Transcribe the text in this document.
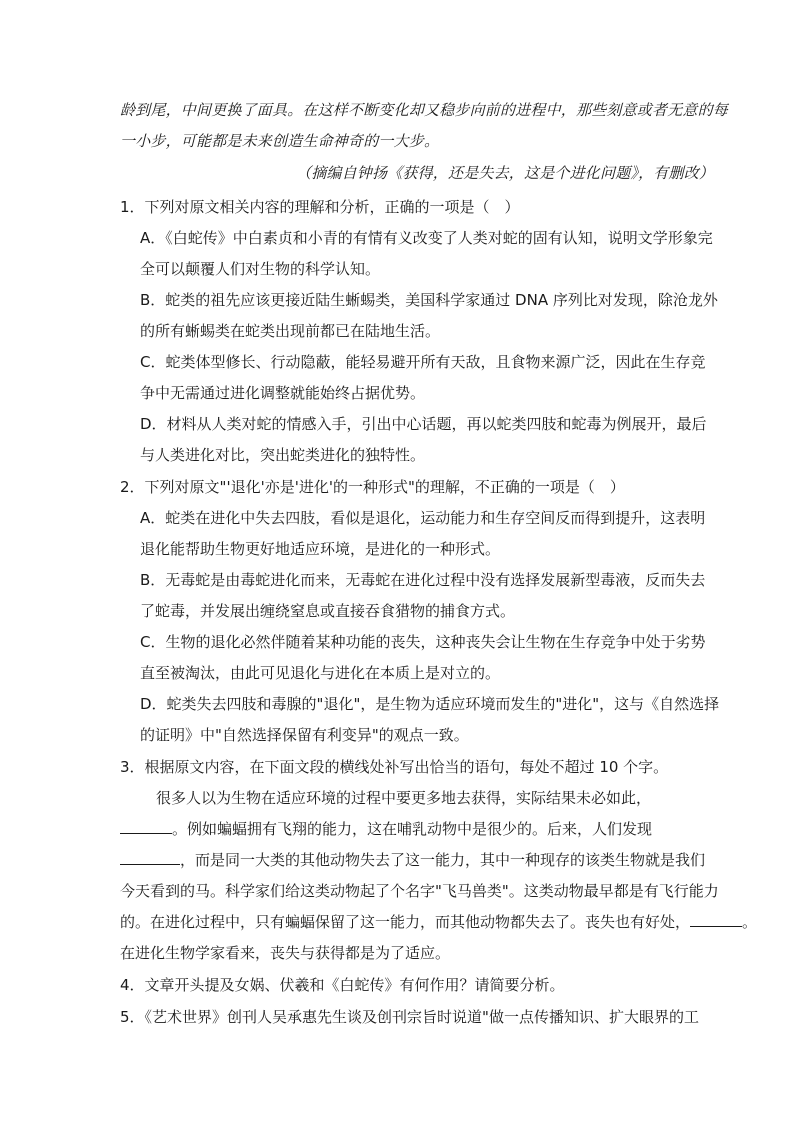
龄到尾，中间更换了面具。在这样不断变化却又稳步向前的进程中，那些刻意或者无意的每
一小步，可能都是未来创造生命神奇的一大步。
（摘编自钟扬《获得，还是失去，这是个进化问题》，有删改）
1．下列对原文相关内容的理解和分析，正确的一项是（　）
A．《白蛇传》中白素贞和小青的有情有义改变了人类对蛇的固有认知，说明文学形象完
全可以颠覆人们对生物的科学认知。
B．蛇类的祖先应该更接近陆生蜥蜴类，美国科学家通过 DNA 序列比对发现，除沧龙外
的所有蜥蜴类在蛇类出现前都已在陆地生活。
C．蛇类体型修长、行动隐蔽，能轻易避开所有天敌，且食物来源广泛，因此在生存竞
争中无需通过进化调整就能始终占据优势。
D．材料从人类对蛇的情感入手，引出中心话题，再以蛇类四肢和蛇毒为例展开，最后
与人类进化对比，突出蛇类进化的独特性。
2．下列对原文"'退化'亦是'进化'的一种形式"的理解，不正确的一项是（　）
A．蛇类在进化中失去四肢，看似是退化，运动能力和生存空间反而得到提升，这表明
退化能帮助生物更好地适应环境，是进化的一种形式。
B．无毒蛇是由毒蛇进化而来，无毒蛇在进化过程中没有选择发展新型毒液，反而失去
了蛇毒，并发展出缠绕窒息或直接吞食猎物的捕食方式。
C．生物的退化必然伴随着某种功能的丧失，这种丧失会让生物在生存竞争中处于劣势
直至被淘汰，由此可见退化与进化在本质上是对立的。
D．蛇类失去四肢和毒腺的"退化"，是生物为适应环境而发生的"进化"，这与《自然选择
的证明》中"自然选择保留有利变异"的观点一致。
3．根据原文内容，在下面文段的横线处补写出恰当的语句，每处不超过 10 个字。
很多人以为生物在适应环境的过程中要更多地去获得，实际结果未必如此，
。例如蝙蝠拥有飞翔的能力，这在哺乳动物中是很少的。后来，人们发现
，而是同一大类的其他动物失去了这一能力，其中一种现存的该类生物就是我们
今天看到的马。科学家们给这类动物起了个名字"飞马兽类"。这类动物最早都是有飞行能力
的。在进化过程中，只有蝙蝠保留了这一能力，而其他动物都失去了。丧失也有好处，	。
在进化生物学家看来，丧失与获得都是为了适应。
4．文章开头提及女娲、伏羲和《白蛇传》有何作用？请简要分析。
5．《艺术世界》创刊人吴承惠先生谈及创刊宗旨时说道"做一点传播知识、扩大眼界的工
